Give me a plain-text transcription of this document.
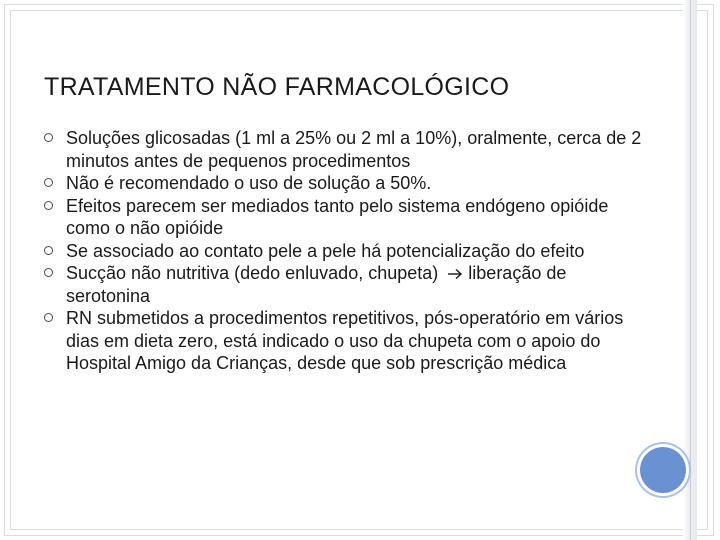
TRATAMENTO NÃO FARMACOLÓGICO
Soluções glicosadas (1 ml a 25% ou 2 ml a 10%), oralmente, cerca de 2 minutos antes de pequenos procedimentos
Não é recomendado o uso de solução a 50%.
Efeitos parecem ser mediados tanto pelo sistema endógeno opióide como o não opióide
Se associado ao contato pele a pele há potencialização do efeito
Sucção não nutritiva (dedo enluvado, chupeta) liberação de serotonina
RN submetidos a procedimentos repetitivos, pós-operatório em vários dias em dieta zero, está indicado o uso da chupeta com o apoio do Hospital Amigo da Crianças, desde que sob prescrição médica
